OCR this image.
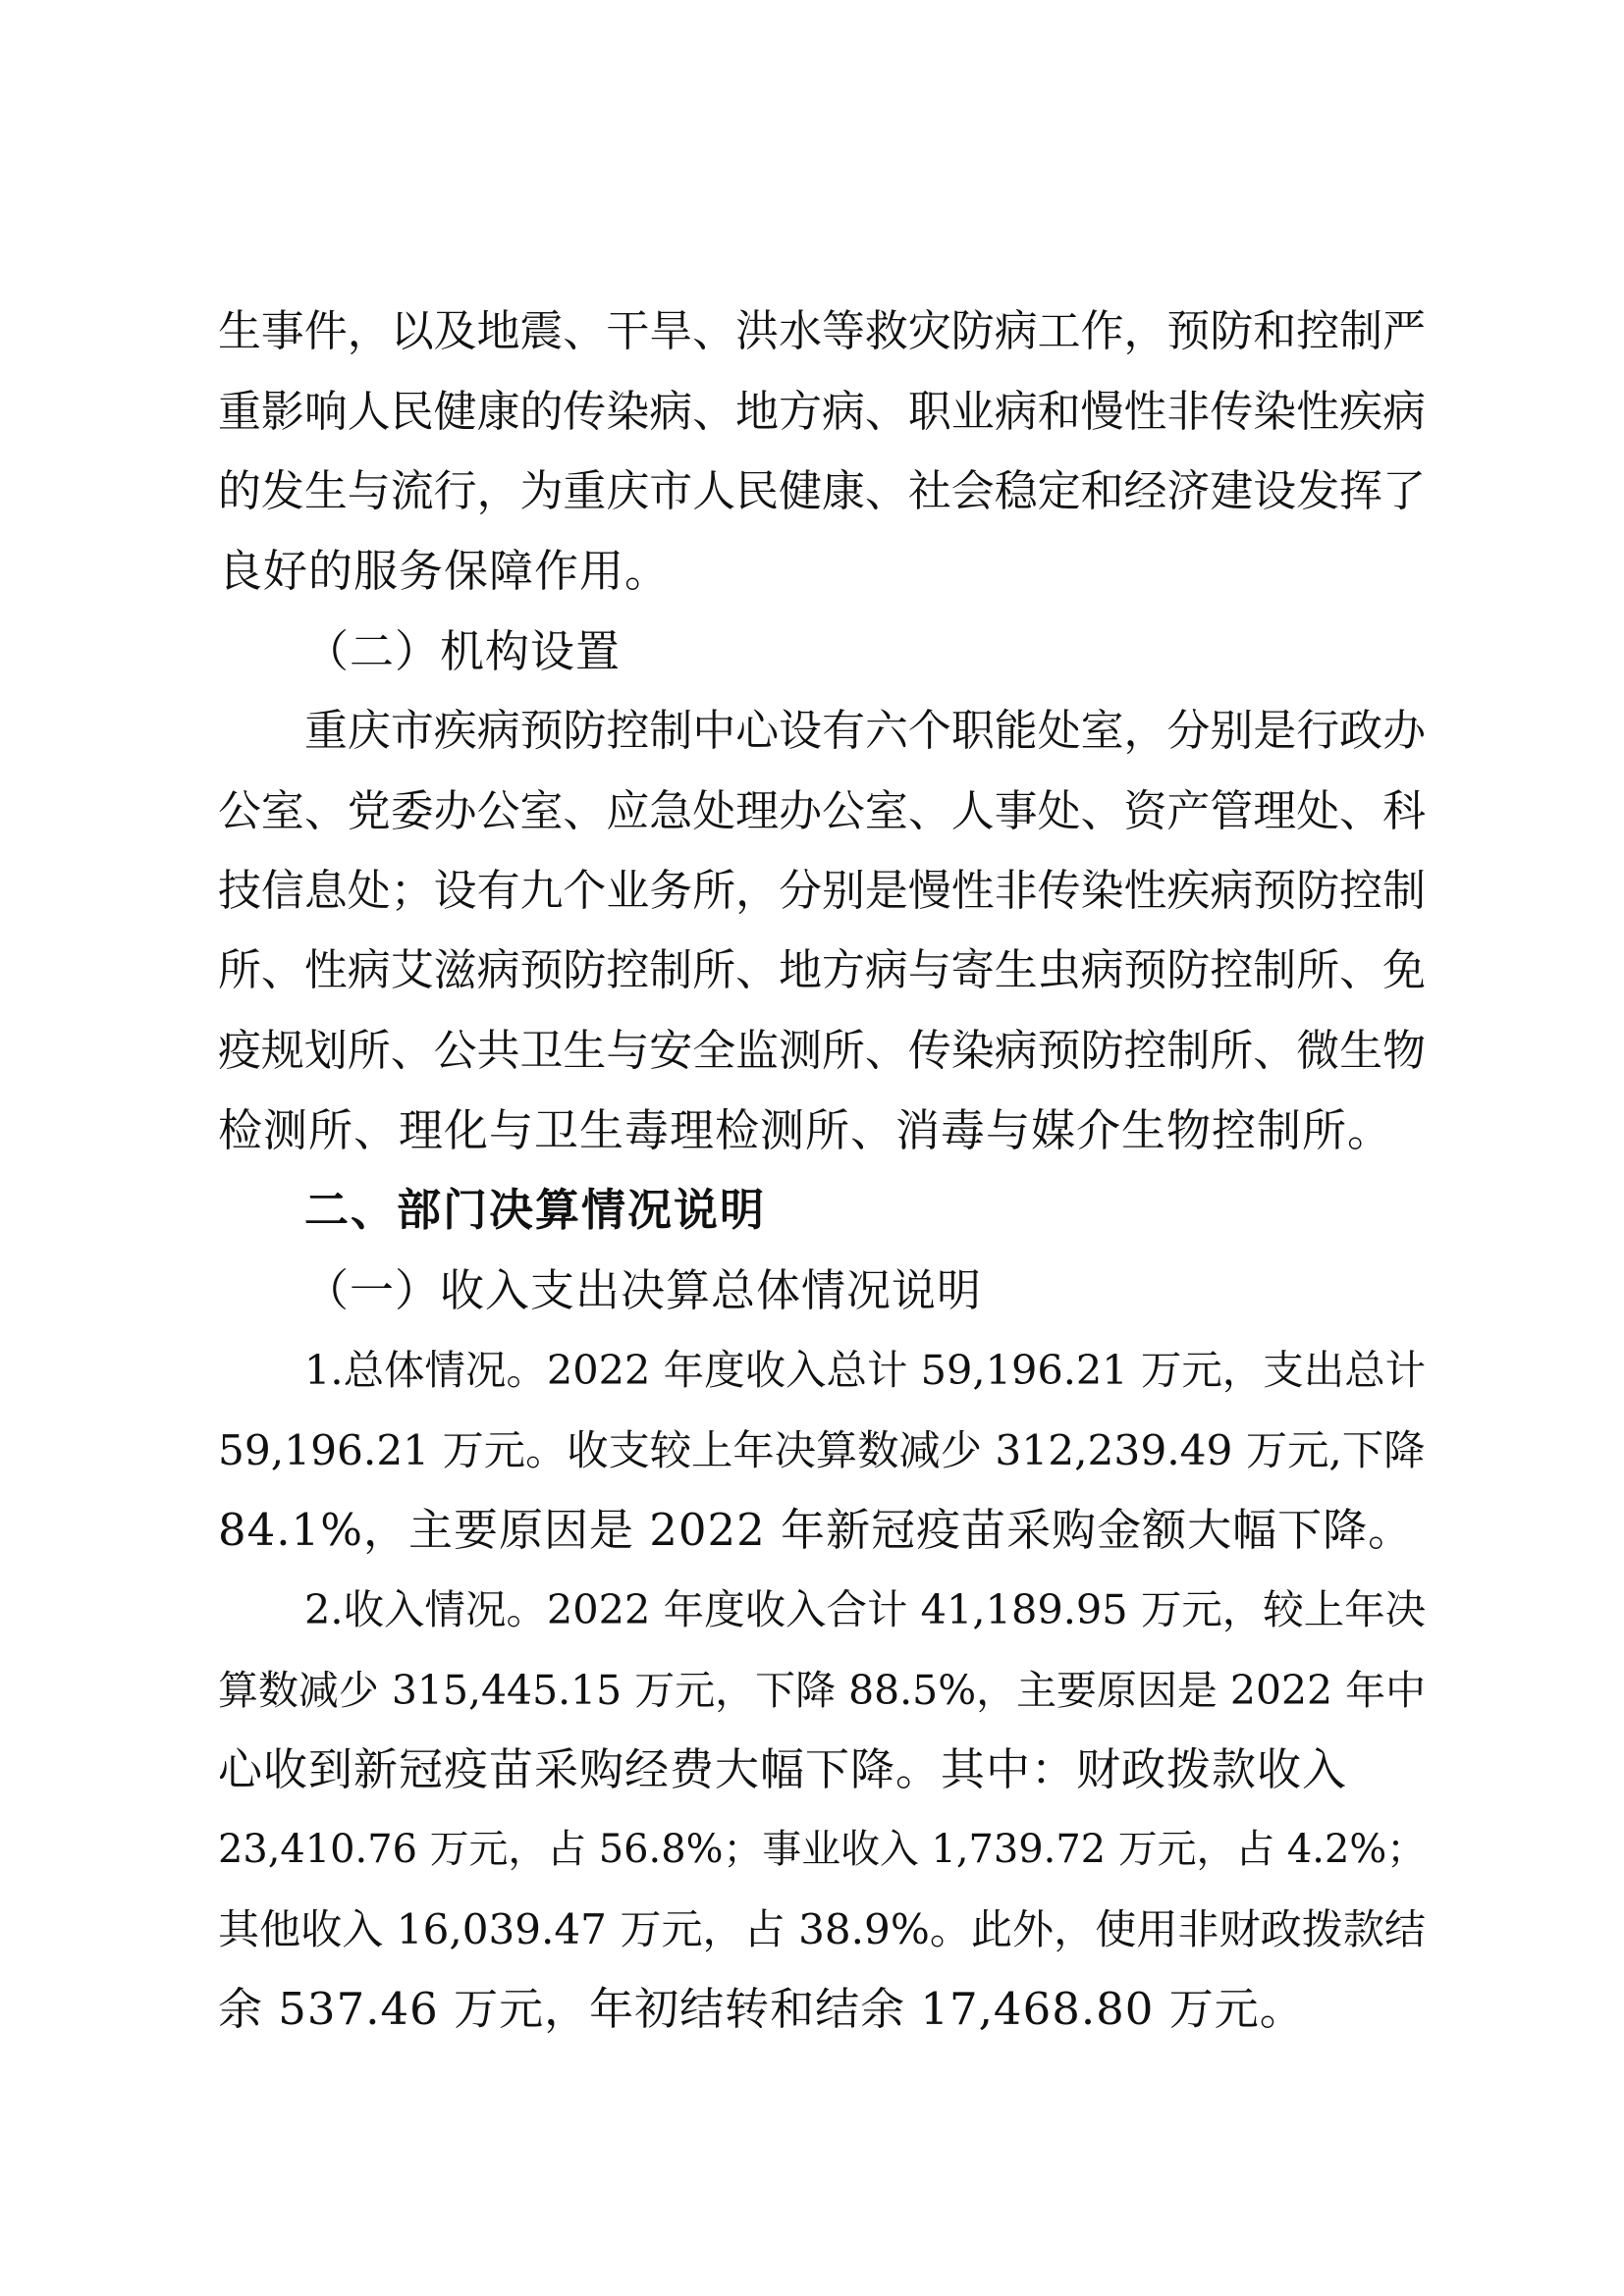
生事件，以及地震、干旱、洪水等救灾防病工作，预防和控制严
重影响人民健康的传染病、地方病、职业病和慢性非传染性疾病
的发生与流行，为重庆市人民健康、社会稳定和经济建设发挥了
良好的服务保障作用。
（二）机构设置
重庆市疾病预防控制中心设有六个职能处室，分别是行政办
公室、党委办公室、应急处理办公室、人事处、资产管理处、科
技信息处；设有九个业务所，分别是慢性非传染性疾病预防控制
所、性病艾滋病预防控制所、地方病与寄生虫病预防控制所、免
疫规划所、公共卫生与安全监测所、传染病预防控制所、微生物
检测所、理化与卫生毒理检测所、消毒与媒介生物控制所。
二、部门决算情况说明
（一）收入支出决算总体情况说明
1.总体情况。2022 年度收入总计 59,196.21 万元，支出总计
59,196.21 万元。收支较上年决算数减少 312,239.49 万元,下降
84.1%，主要原因是 2022 年新冠疫苗采购金额大幅下降。
2.收入情况。2022 年度收入合计 41,189.95 万元，较上年决
算数减少 315,445.15 万元，下降 88.5%，主要原因是 2022 年中
心收到新冠疫苗采购经费大幅下降。其中：财政拨款收入
23,410.76 万元，占 56.8%；事业收入 1,739.72 万元，占 4.2%；
其他收入 16,039.47 万元，占 38.9%。此外，使用非财政拨款结
余 537.46 万元，年初结转和结余 17,468.80 万元。
